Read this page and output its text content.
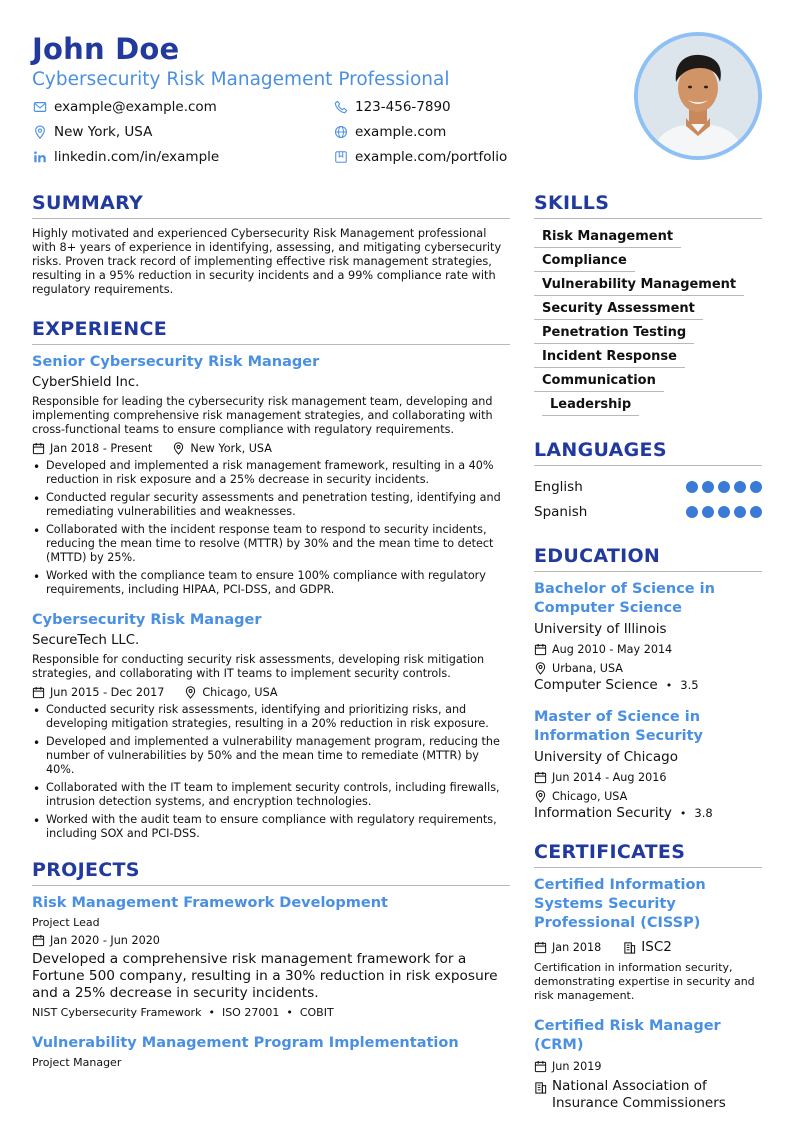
John Doe
Cybersecurity Risk Management Professional
example@example.com	123-456-7890
New York, USA	example.com
linkedin.com/in/example	example.com/portfolio
SUMMARY
Highly motivated and experienced Cybersecurity Risk Management professional with 8+ years of experience in identifying, assessing, and mitigating cybersecurity risks. Proven track record of implementing effective risk management strategies, resulting in a 95% reduction in security incidents and a 99% compliance rate with regulatory requirements.
EXPERIENCE
Senior Cybersecurity Risk Manager
CyberShield Inc.
Responsible for leading the cybersecurity risk management team, developing and implementing comprehensive risk management strategies, and collaborating with cross-functional teams to ensure compliance with regulatory requirements.
Jan 2018 - Present	New York, USA
• Developed and implemented a risk management framework, resulting in a 40% reduction in risk exposure and a 25% decrease in security incidents.
• Conducted regular security assessments and penetration testing, identifying and remediating vulnerabilities and weaknesses.
• Collaborated with the incident response team to respond to security incidents, reducing the mean time to resolve (MTTR) by 30% and the mean time to detect (MTTD) by 25%.
• Worked with the compliance team to ensure 100% compliance with regulatory requirements, including HIPAA, PCI-DSS, and GDPR.
Cybersecurity Risk Manager
SecureTech LLC.
Responsible for conducting security risk assessments, developing risk mitigation strategies, and collaborating with IT teams to implement security controls.
Jun 2015 - Dec 2017	Chicago, USA
• Conducted security risk assessments, identifying and prioritizing risks, and developing mitigation strategies, resulting in a 20% reduction in risk exposure.
• Developed and implemented a vulnerability management program, reducing the number of vulnerabilities by 50% and the mean time to remediate (MTTR) by 40%.
• Collaborated with the IT team to implement security controls, including firewalls, intrusion detection systems, and encryption technologies.
• Worked with the audit team to ensure compliance with regulatory requirements, including SOX and PCI-DSS.
PROJECTS
Risk Management Framework Development
Project Lead
Jan 2020 - Jun 2020
Developed a comprehensive risk management framework for a Fortune 500 company, resulting in a 30% reduction in risk exposure and a 25% decrease in security incidents.
NIST Cybersecurity Framework • ISO 27001 • COBIT
Vulnerability Management Program Implementation
Project Manager
SKILLS
Risk Management
Compliance
Vulnerability Management
Security Assessment
Penetration Testing
Incident Response
Communication
Leadership
LANGUAGES
English
Spanish
EDUCATION
Bachelor of Science in Computer Science
University of Illinois
Aug 2010 - May 2014
Urbana, USA
Computer Science • 3.5
Master of Science in Information Security
University of Chicago
Jun 2014 - Aug 2016
Chicago, USA
Information Security • 3.8
CERTIFICATES
Certified Information Systems Security Professional (CISSP)
Jan 2018	ISC2
Certification in information security, demonstrating expertise in security and risk management.
Certified Risk Manager (CRM)
Jun 2019
National Association of Insurance Commissioners
